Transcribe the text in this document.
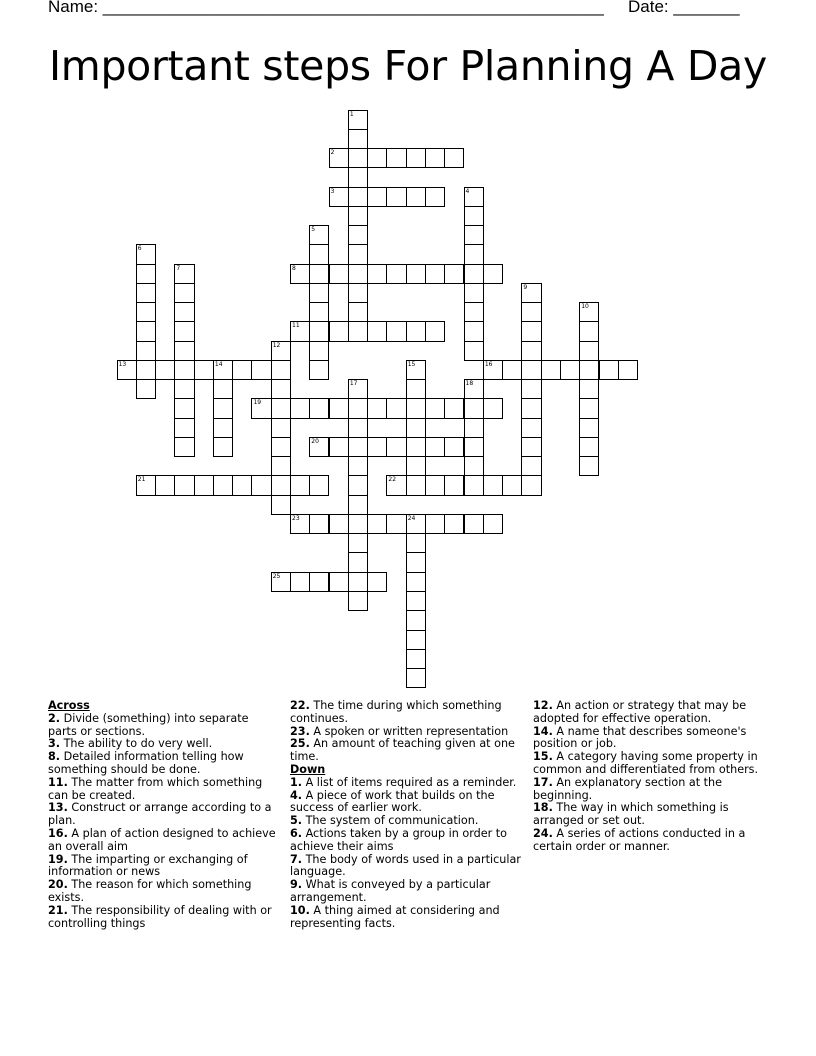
Name: _____________________________________________________ Date: _______
Important steps For Planning A Day
1
2
3	4
5
6
7	8
9
10
11
12
13	14	15	16
17	18
19
20
21	22
23	24
25

Across

2. Divide (something) into separate parts or sections.

3. The ability to do very well.

8. Detailed information telling how something should be done.

11. The matter from which something can be created.

13. Construct or arrange according to a plan.

16. A plan of action designed to achieve an overall aim

19. The imparting or exchanging of information or news

20. The reason for which something exists.

21. The responsibility of dealing with or controlling things

22. The time during which something continues.

23. A spoken or written representation

25. An amount of teaching given at one time.

Down

1. A list of items required as a reminder.

4. A piece of work that builds on the success of earlier work.

5. The system of communication.

6. Actions taken by a group in order to achieve their aims

7. The body of words used in a particular language.

9. What is conveyed by a particular arrangement.

10. A thing aimed at considering and representing facts.

12. An action or strategy that may be adopted for effective operation.

14. A name that describes someone's position or job.

15. A category having some property in common and differentiated from others.

17. An explanatory section at the beginning.

18. The way in which something is arranged or set out.

24. A series of actions conducted in a certain order or manner.
